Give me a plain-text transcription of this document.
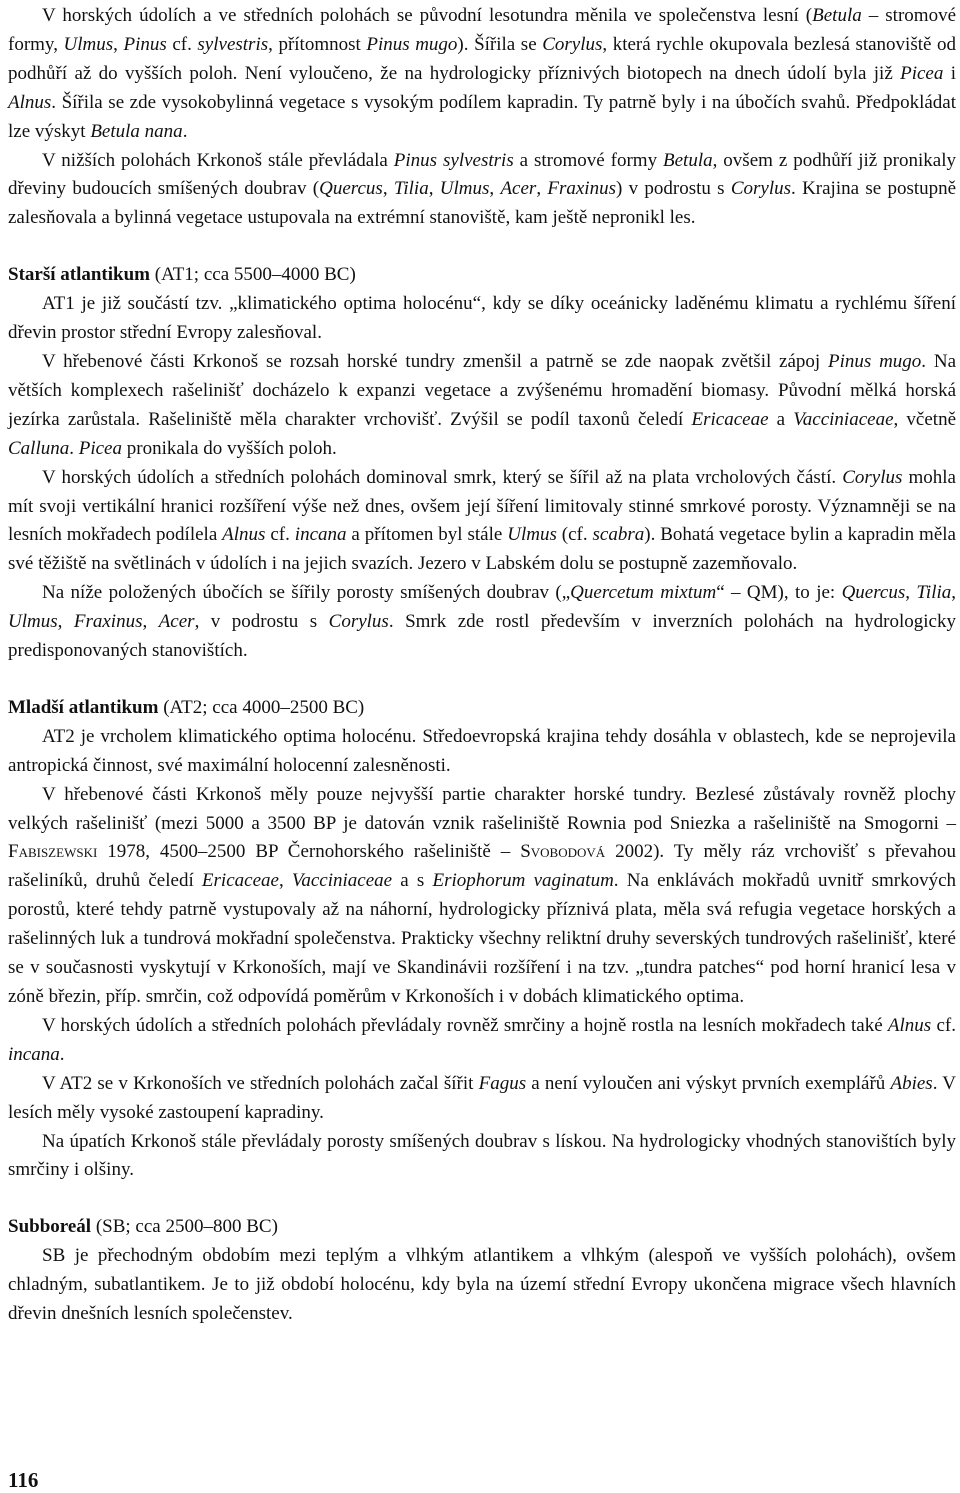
V horských údolích a ve středních polohách se původní lesotundra měnila ve společenstva lesní (Betula – stromové formy, Ulmus, Pinus cf. sylvestris, přítomnost Pinus mugo). Šířila se Corylus, která rychle okupovala bezlesá stanoviště od podhůří až do vyšších poloh. Není vyloučeno, že na hydrologicky příznivých biotopech na dnech údolí byla již Picea i Alnus. Šířila se zde vysokobylinná vegetace s vysokým podílem kapradin. Ty patrně byly i na úbočích svahů. Předpokládat lze výskyt Betula nana.

V nižších polohách Krkonoš stále převládala Pinus sylvestris a stromové formy Betula, ovšem z podhůří již pronikaly dřeviny budoucích smíšených doubrav (Quercus, Tilia, Ulmus, Acer, Fraxinus) v podrostu s Corylus. Krajina se postupně zalesňovala a bylinná vegetace ustupovala na extrémní stanoviště, kam ještě nepronikl les.

Starší atlantikum (AT1; cca 5500–4000 BC)

AT1 je již součástí tzv. „klimatického optima holocénu“, kdy se díky oceánicky laděnému klimatu a rychlému šíření dřevin prostor střední Evropy zalesňoval.

V hřebenové části Krkonoš se rozsah horské tundry zmenšil a patrně se zde naopak zvětšil zápoj Pinus mugo. Na větších komplexech rašelinišť docházelo k expanzi vegetace a zvýšenému hromadění biomasy. Původní mělká horská jezírka zarůstala. Rašeliniště měla charakter vrchovišť. Zvýšil se podíl taxonů čeledí Ericaceae a Vacciniaceae, včetně Calluna. Picea pronikala do vyšších poloh.

V horských údolích a středních polohách dominoval smrk, který se šířil až na plata vrcholových částí. Corylus mohla mít svoji vertikální hranici rozšíření výše než dnes, ovšem její šíření limitovaly stinné smrkové porosty. Významněji se na lesních mokřadech podílela Alnus cf. incana a přítomen byl stále Ulmus (cf. scabra). Bohatá vegetace bylin a kapradin měla své těžiště na světlinách v údolích i na jejich svazích. Jezero v Labském dolu se postupně zazemňovalo.

Na níže položených úbočích se šířily porosty smíšených doubrav („Quercetum mixtum“ – QM), to je: Quercus, Tilia, Ulmus, Fraxinus, Acer, v podrostu s Corylus. Smrk zde rostl především v inverzních polohách na hydrologicky predisponovaných stanovištích.

Mladší atlantikum (AT2; cca 4000–2500 BC)

AT2 je vrcholem klimatického optima holocénu. Středoevropská krajina tehdy dosáhla v oblastech, kde se neprojevila antropická činnost, své maximální holocenní zalesněnosti.

V hřebenové části Krkonoš měly pouze nejvyšší partie charakter horské tundry. Bezlesé zůstávaly rovněž plochy velkých rašelinišť (mezi 5000 a 3500 BP je datován vznik rašeliniště Rownia pod Sniezka a rašeliniště na Smogorni – Fabiszewski 1978, 4500–2500 BP Černohorského rašeliniště – Svobodová 2002). Ty měly ráz vrchovišť s převahou rašeliníků, druhů čeledí Ericaceae, Vacciniaceae a s Eriophorum vaginatum. Na enklávách mokřadů uvnitř smrkových porostů, které tehdy patrně vystupovaly až na náhorní, hydrologicky příznivá plata, měla svá refugia vegetace horských a rašelinných luk a tundrová mokřadní společenstva. Prakticky všechny reliktní druhy severských tundrových rašelinišť, které se v současnosti vyskytují v Krkonoších, mají ve Skandinávii rozšíření i na tzv. „tundra patches“ pod horní hranicí lesa v zóně březin, příp. smrčin, což odpovídá poměrům v Krkonoších i v dobách klimatického optima.

V horských údolích a středních polohách převládaly rovněž smrčiny a hojně rostla na lesních mokřadech také Alnus cf. incana.

V AT2 se v Krkonoších ve středních polohách začal šířit Fagus a není vyloučen ani výskyt prvních exemplářů Abies. V lesích měly vysoké zastoupení kapradiny.

Na úpatích Krkonoš stále převládaly porosty smíšených doubrav s lískou. Na hydrologicky vhodných stanovištích byly smrčiny i olšiny.

Subboreál (SB; cca 2500–800 BC)

SB je přechodným obdobím mezi teplým a vlhkým atlantikem a vlhkým (alespoň ve vyšších polohách), ovšem chladným, subatlantikem. Je to již období holocénu, kdy byla na území střední Evropy ukončena migrace všech hlavních dřevin dnešních lesních společenstev.

116
